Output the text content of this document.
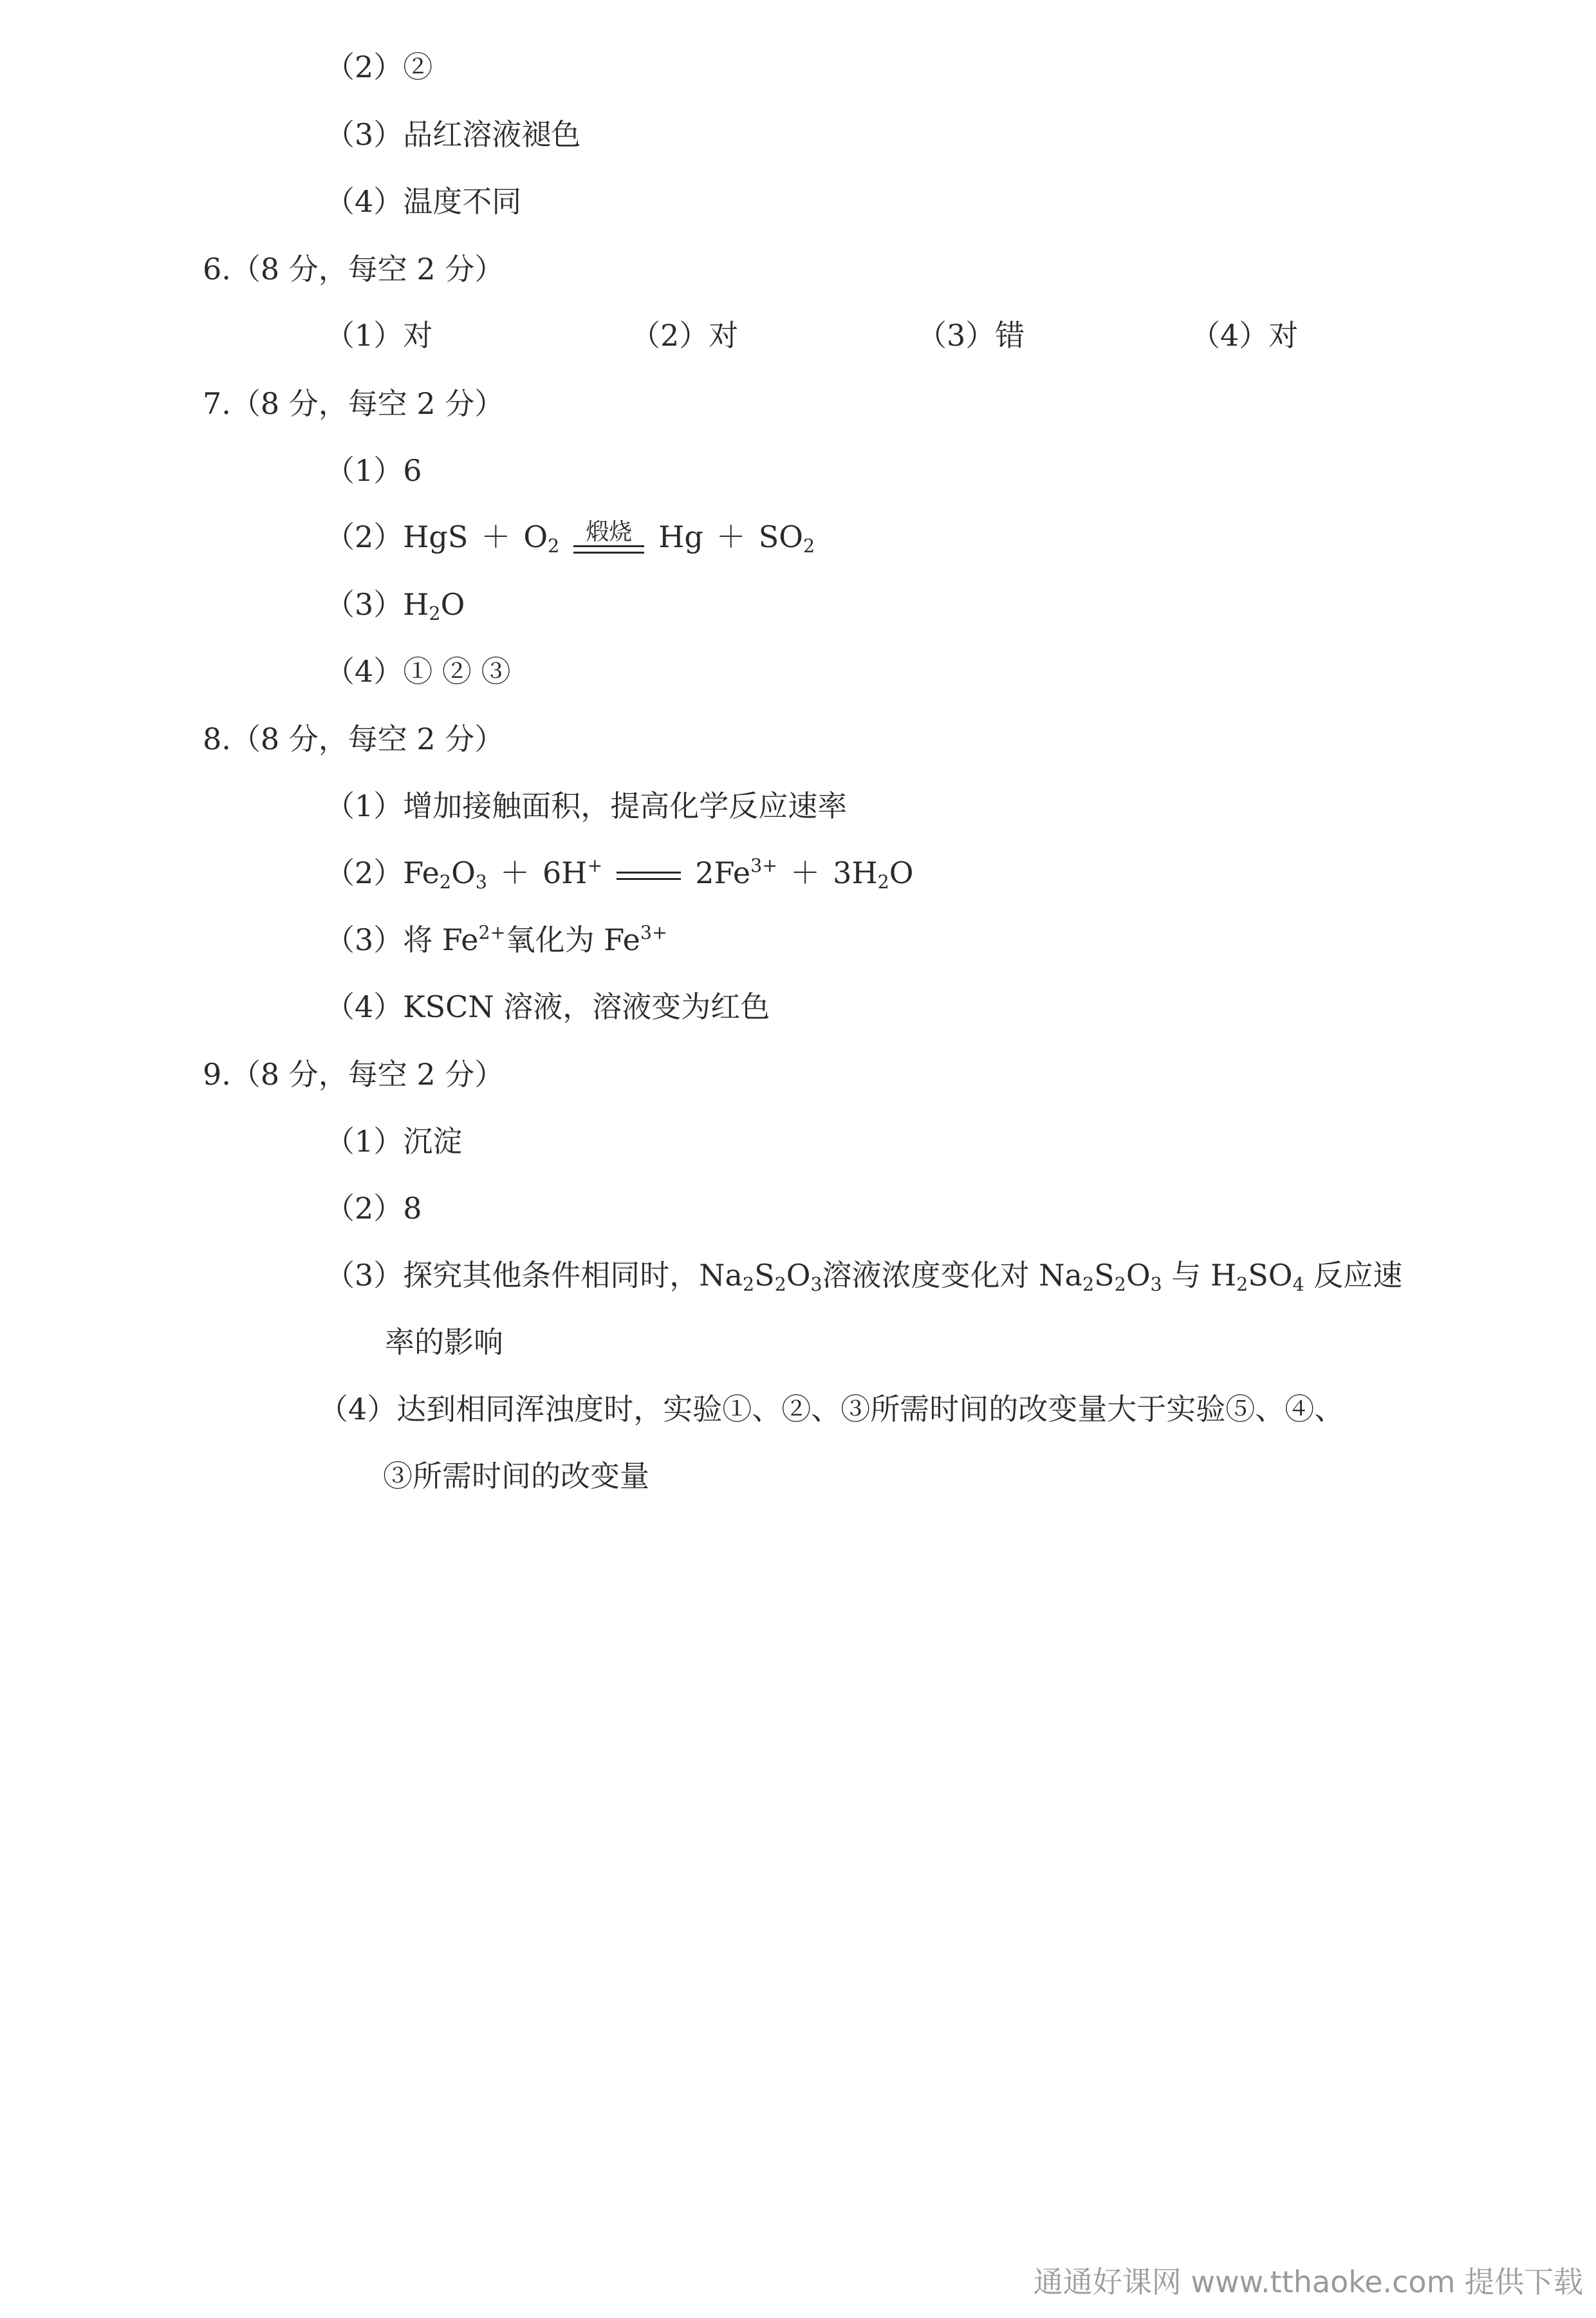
（2）②
（3）品红溶液褪色
（4）温度不同
6.（8 分，每空 2 分）
（1）对	（2）对	（3）错	（4）对
7.（8 分，每空 2 分）
（1）6
$(2)HgS + O_2$
煅烧 $Hg + SO_2$
$(3)H_2O$
（4）① ② ③
8.（8 分，每空 2 分）
（1）增加接触面积，提高化学反应速率
$(2)Fe_2O_3 + 6H^+$	$2Fe^{3+} + 3H_2O$
（3）将 $Fe^{2+}$氧化为 $Fe^{3+}$
（4）KSCN 溶液，溶液变为红色
9.（8 分，每空 2 分）
（1）沉淀
（2）8
（3）探究其他条件相同时，$Na_2S_2O_3$溶液浓度变化对 $Na_2S_2O_3$ 与 $H_2SO_4$ 反应速
率的影响
（4）达到相同浑浊度时，实验①、②、③所需时间的改变量大于实验⑤、④、
③所需时间的改变量
通通好课网 www.tthaoke.com 提供下载
